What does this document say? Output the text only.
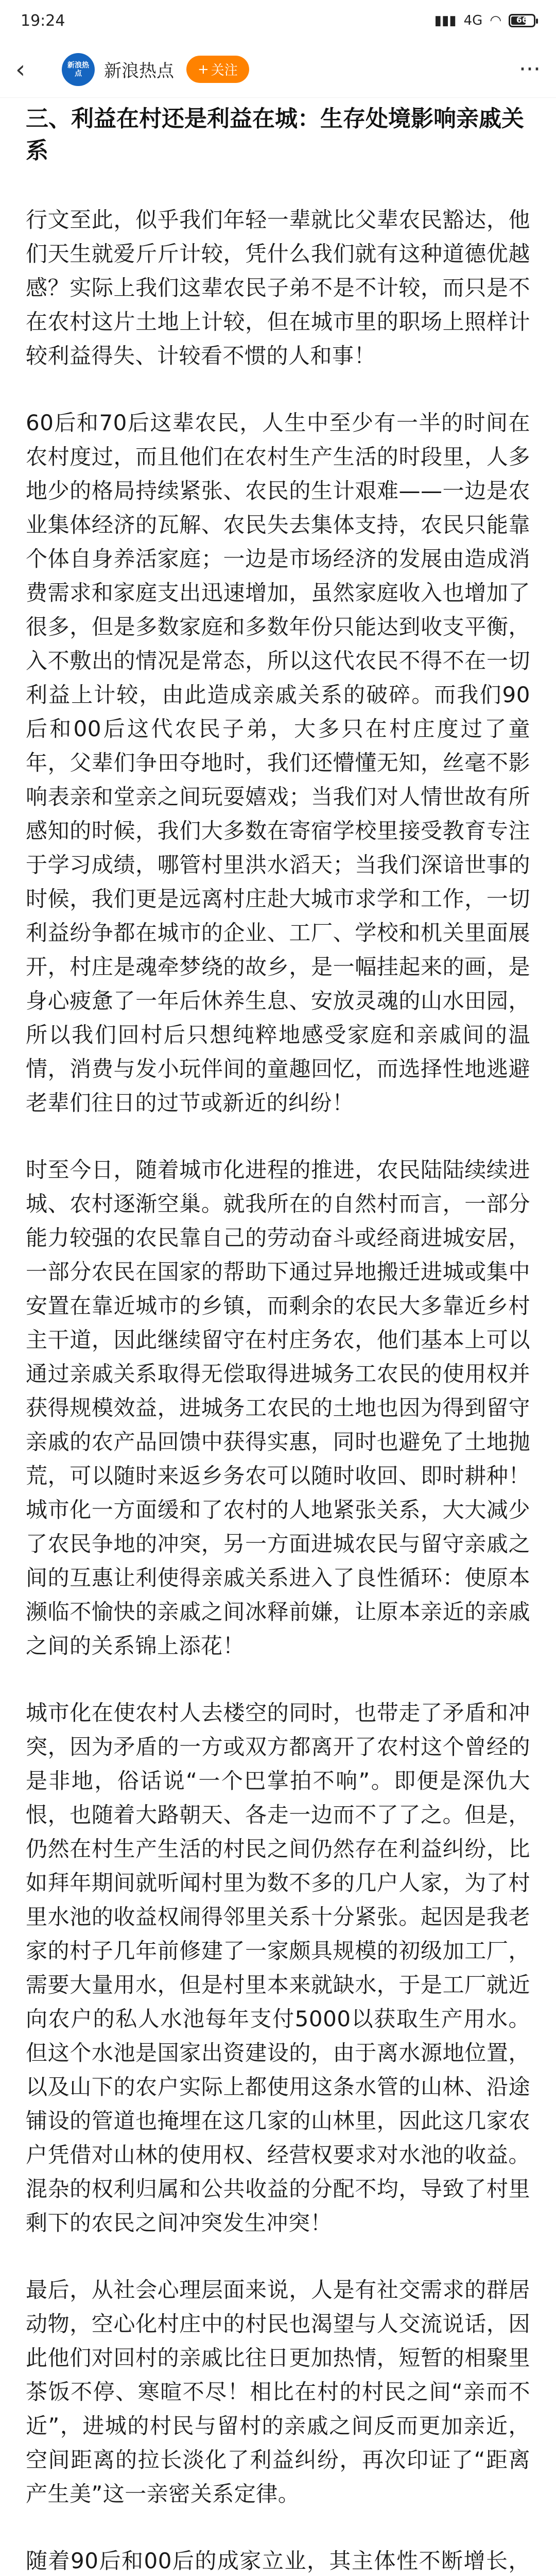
19:24	▮▮▮ 4G ◠	66
‹	新浪热点	新浪热点 + 关注	···
三、利益在村还是利益在城：生存处境影响亲戚关系

行文至此，似乎我们年轻一辈就比父辈农民豁达，他们天生就爱斤斤计较，凭什么我们就有这种道德优越感？实际上我们这辈农民子弟不是不计较，而只是不在农村这片土地上计较，但在城市里的职场上照样计较利益得失、计较看不惯的人和事！

60后和70后这辈农民，人生中至少有一半的时间在农村度过，而且他们在农村生产生活的时段里，人多地少的格局持续紧张、农民的生计艰难——一边是农业集体经济的瓦解、农民失去集体支持，农民只能靠个体自身养活家庭；一边是市场经济的发展由造成消费需求和家庭支出迅速增加，虽然家庭收入也增加了很多，但是多数家庭和多数年份只能达到收支平衡，入不敷出的情况是常态，所以这代农民不得不在一切利益上计较，由此造成亲戚关系的破碎。而我们90后和00后这代农民子弟，大多只在村庄度过了童年，父辈们争田夺地时，我们还懵懂无知，丝毫不影响表亲和堂亲之间玩耍嬉戏；当我们对人情世故有所感知的时候，我们大多数在寄宿学校里接受教育专注于学习成绩，哪管村里洪水滔天；当我们深谙世事的时候，我们更是远离村庄赴大城市求学和工作，一切利益纷争都在城市的企业、工厂、学校和机关里面展开，村庄是魂牵梦绕的故乡，是一幅挂起来的画，是身心疲惫了一年后休养生息、安放灵魂的山水田园，所以我们回村后只想纯粹地感受家庭和亲戚间的温情，消费与发小玩伴间的童趣回忆，而选择性地逃避老辈们往日的过节或新近的纠纷！

时至今日，随着城市化进程的推进，农民陆陆续续进城、农村逐渐空巢。就我所在的自然村而言，一部分能力较强的农民靠自己的劳动奋斗或经商进城安居，一部分农民在国家的帮助下通过异地搬迁进城或集中安置在靠近城市的乡镇，而剩余的农民大多靠近乡村主干道，因此继续留守在村庄务农，他们基本上可以通过亲戚关系取得无偿取得进城务工农民的使用权并获得规模效益，进城务工农民的土地也因为得到留守亲戚的农产品回馈中获得实惠，同时也避免了土地抛荒，可以随时来返乡务农可以随时收回、即时耕种！城市化一方面缓和了农村的人地紧张关系，大大减少了农民争地的冲突，另一方面进城农民与留守亲戚之间的互惠让利使得亲戚关系进入了良性循环：使原本濒临不愉快的亲戚之间冰释前嫌，让原本亲近的亲戚之间的关系锦上添花！

城市化在使农村人去楼空的同时，也带走了矛盾和冲突，因为矛盾的一方或双方都离开了农村这个曾经的是非地，俗话说“一个巴掌拍不响”。即便是深仇大恨，也随着大路朝天、各走一边而不了了之。但是，仍然在村生产生活的村民之间仍然存在利益纠纷，比如拜年期间就听闻村里为数不多的几户人家，为了村里水池的收益权闹得邻里关系十分紧张。起因是我老家的村子几年前修建了一家颇具规模的初级加工厂，需要大量用水，但是村里本来就缺水，于是工厂就近向农户的私人水池每年支付5000以获取生产用水。但这个水池是国家出资建设的，由于离水源地位置，以及山下的农户实际上都使用这条水管的山林、沿途铺设的管道也掩埋在这几家的山林里，因此这几家农户凭借对山林的使用权、经营权要求对水池的收益。混杂的权利归属和公共收益的分配不均，导致了村里剩下的农民之间冲突发生冲突！

最后，从社会心理层面来说，人是有社交需求的群居动物，空心化村庄中的村民也渴望与人交流说话，因此他们对回村的亲戚比往日更加热情，短暂的相聚里茶饭不停、寒暄不尽！相比在村的村民之间“亲而不近”，进城的村民与留村的亲戚之间反而更加亲近，空间距离的拉长淡化了利益纠纷，再次印证了“距离产生美”这一亲密关系定律。

随着90后和00后的成家立业，其主体性不断增长，
